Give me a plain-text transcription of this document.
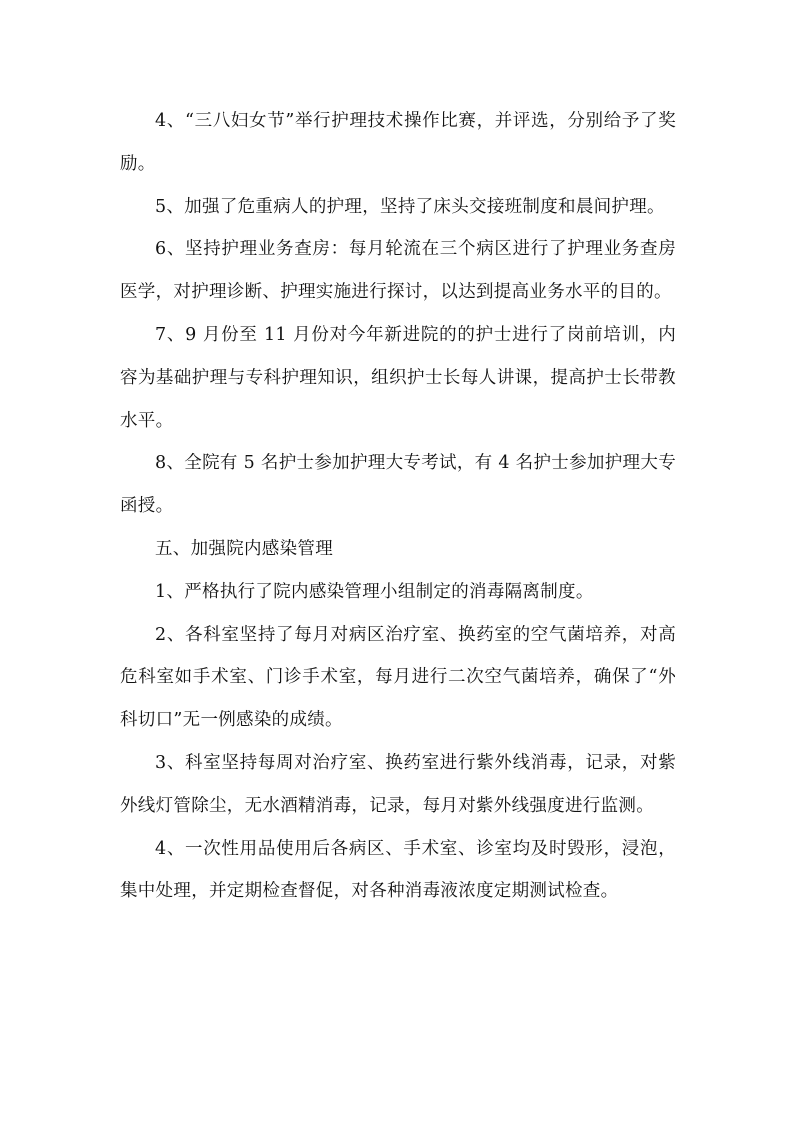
4、“三八妇女节”举行护理技术操作比赛，并评选，分别给予了奖励。

5、加强了危重病人的护理，坚持了床头交接班制度和晨间护理。

6、坚持护理业务查房：每月轮流在三个病区进行了护理业务查房医学，对护理诊断、护理实施进行探讨，以达到提高业务水平的目的。

7、9 月份至 11 月份对今年新进院的的护士进行了岗前培训，内容为基础护理与专科护理知识，组织护士长每人讲课，提高护士长带教水平。

8、全院有 5 名护士参加护理大专考试，有 4 名护士参加护理大专函授。

五、加强院内感染管理

1、严格执行了院内感染管理小组制定的消毒隔离制度。

2、各科室坚持了每月对病区治疗室、换药室的空气菌培养，对高危科室如手术室、门诊手术室，每月进行二次空气菌培养，确保了“外科切口”无一例感染的成绩。

3、科室坚持每周对治疗室、换药室进行紫外线消毒，记录，对紫外线灯管除尘，无水酒精消毒，记录，每月对紫外线强度进行监测。

4、一次性用品使用后各病区、手术室、诊室均及时毁形，浸泡，集中处理，并定期检查督促，对各种消毒液浓度定期测试检查。
